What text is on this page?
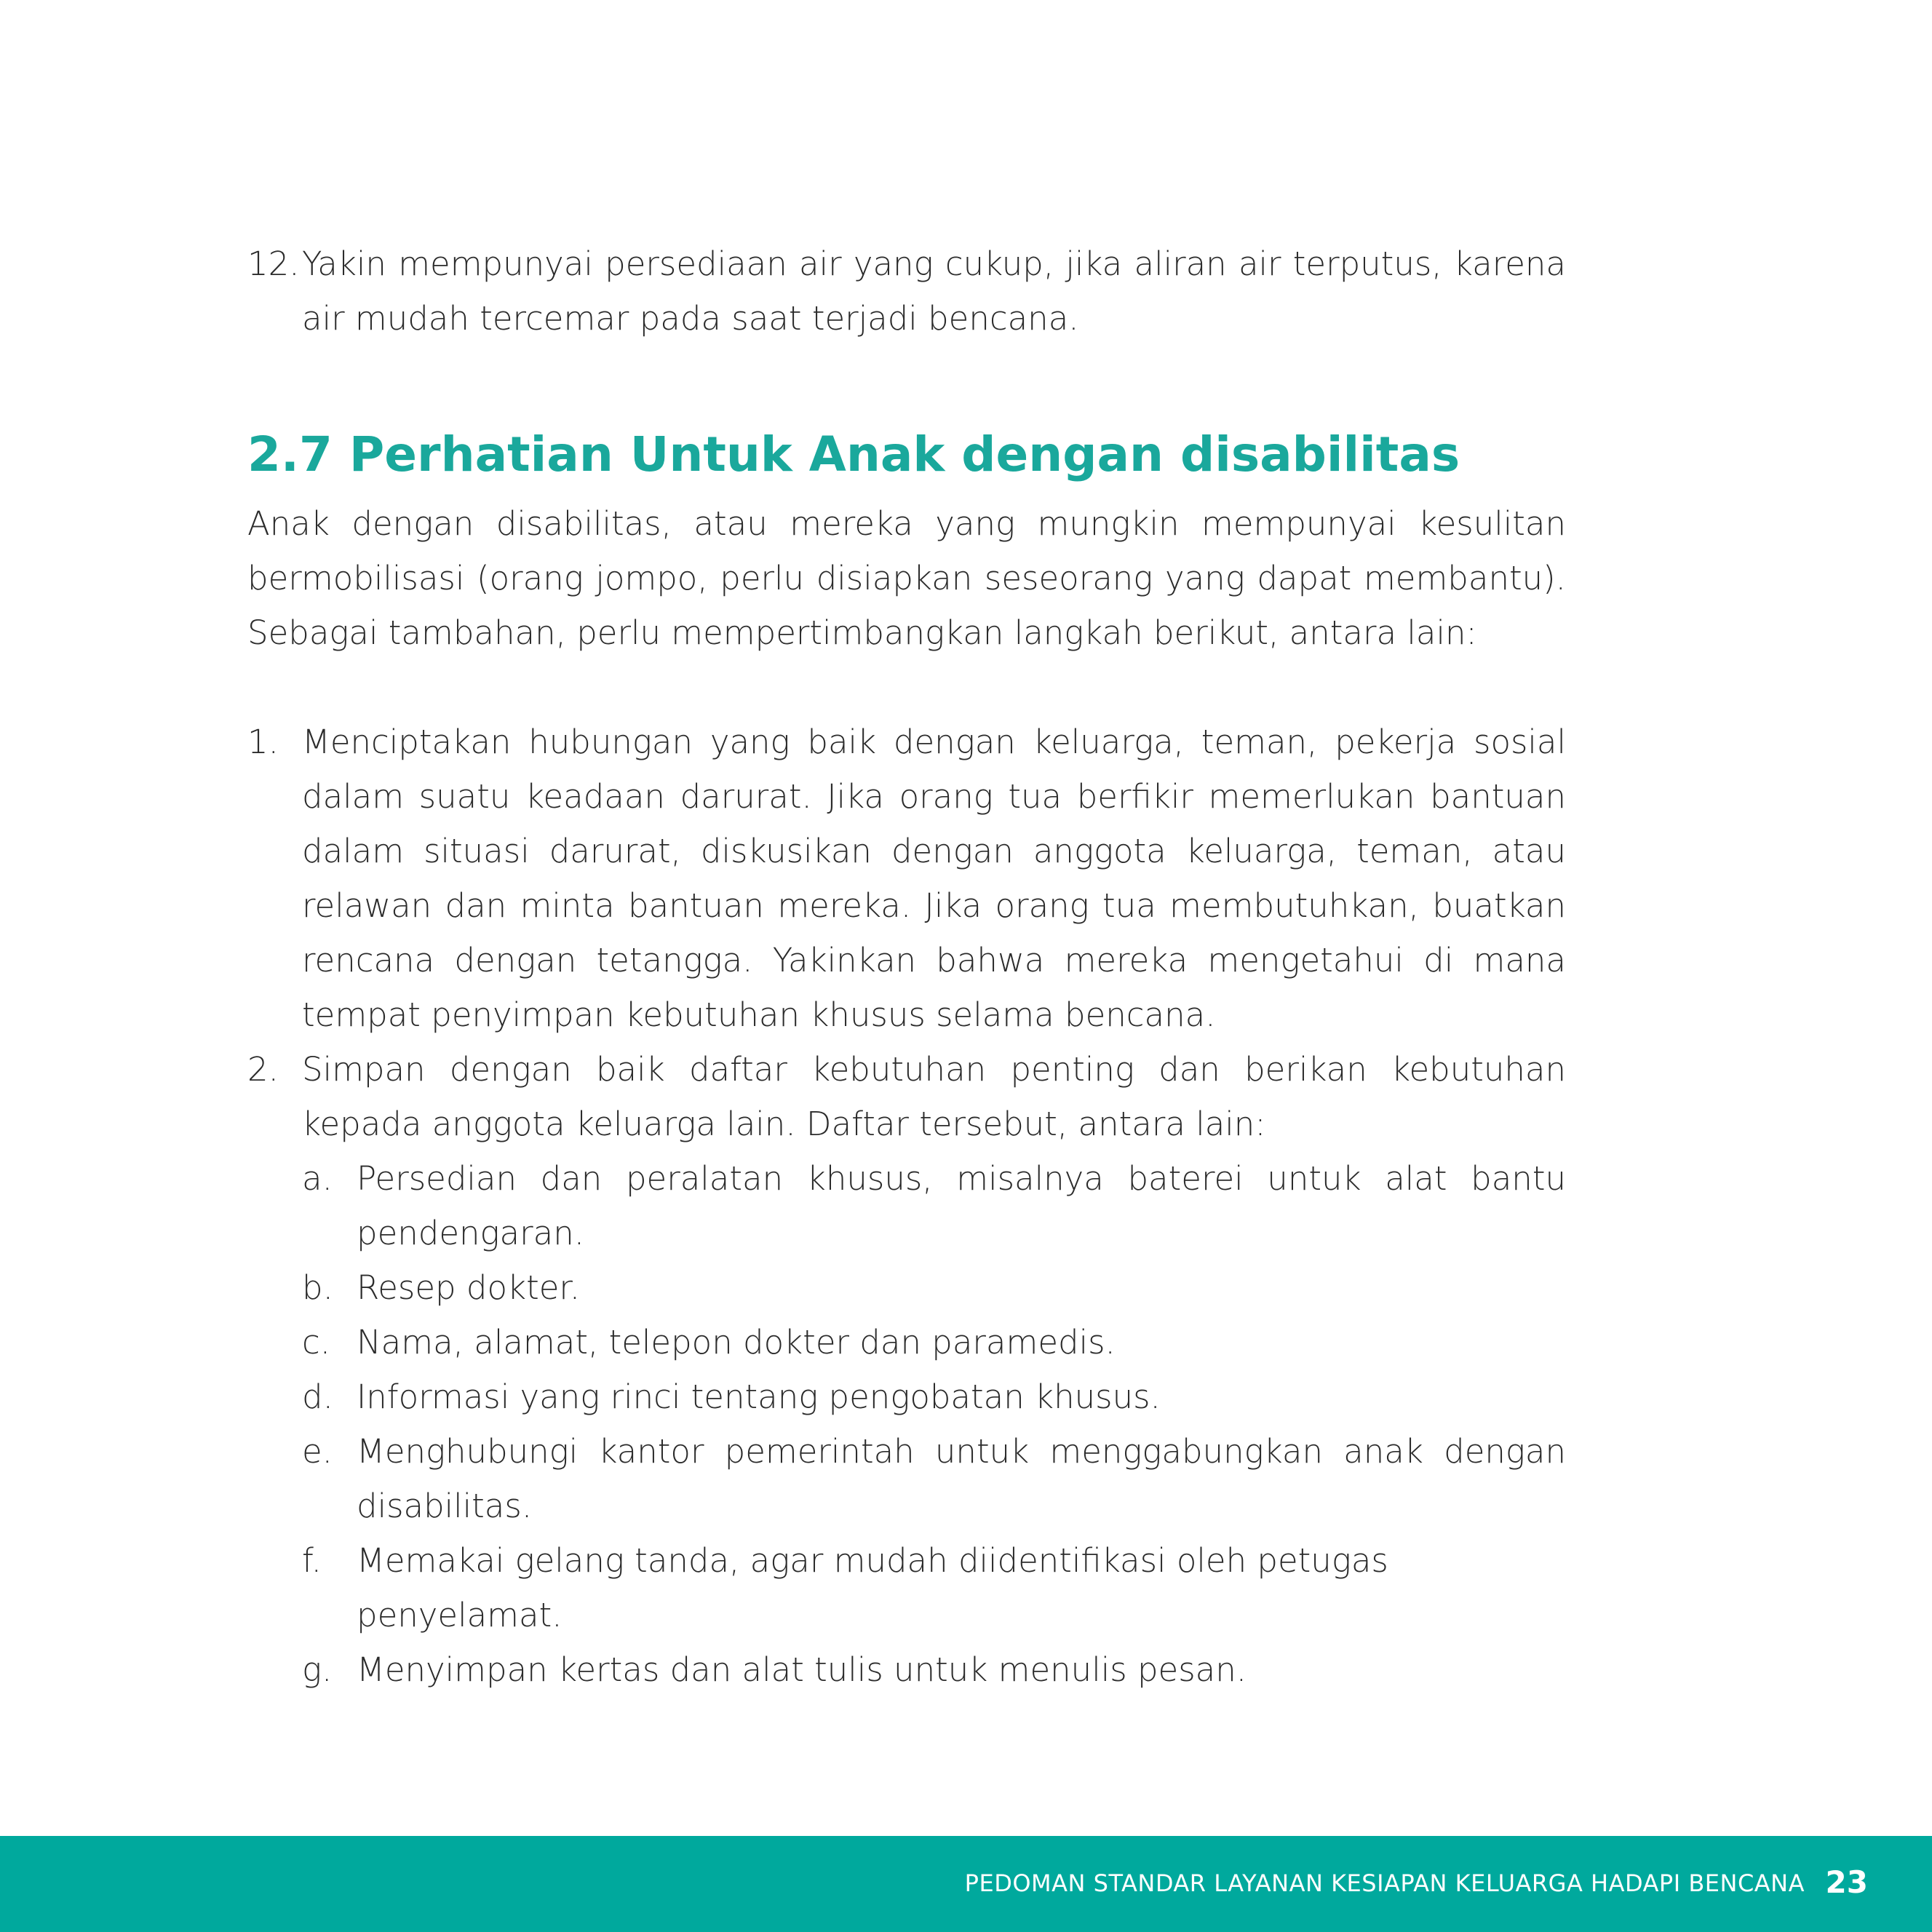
12. Yakin mempunyai persediaan air yang cukup, jika aliran air terputus, karena air mudah tercemar pada saat terjadi bencana.
2.7 Perhatian Untuk Anak dengan disabilitas

Anak dengan disabilitas, atau mereka yang mungkin mempunyai kesulitan bermobilisasi (orang jompo, perlu disiapkan seseorang yang dapat membantu). Sebagai tambahan, perlu mempertimbangkan langkah berikut, antara lain:

1. Menciptakan hubungan yang baik dengan keluarga, teman, pekerja sosial dalam suatu keadaan darurat. Jika orang tua berfikir memerlukan bantuan dalam situasi darurat, diskusikan dengan anggota keluarga, teman, atau relawan dan minta bantuan mereka. Jika orang tua membutuhkan, buatkan rencana dengan tetangga. Yakinkan bahwa mereka mengetahui di mana tempat penyimpan kebutuhan khusus selama bencana.
2. Simpan dengan baik daftar kebutuhan penting dan berikan kebutuhan kepada anggota keluarga lain. Daftar tersebut, antara lain:
a. Persedian dan peralatan khusus, misalnya baterei untuk alat bantu pendengaran.
b. Resep dokter.
c. Nama, alamat, telepon dokter dan paramedis.
d. Informasi yang rinci tentang pengobatan khusus.
e. Menghubungi kantor pemerintah untuk menggabungkan anak dengan disabilitas.
f.	Memakai gelang tanda, agar mudah diidentifikasi oleh petugas penyelamat.
g. Menyimpan kertas dan alat tulis untuk menulis pesan.
PEDOMAN STANDAR LAYANAN KESIAPAN KELUARGA HADAPI BENCANA 23
